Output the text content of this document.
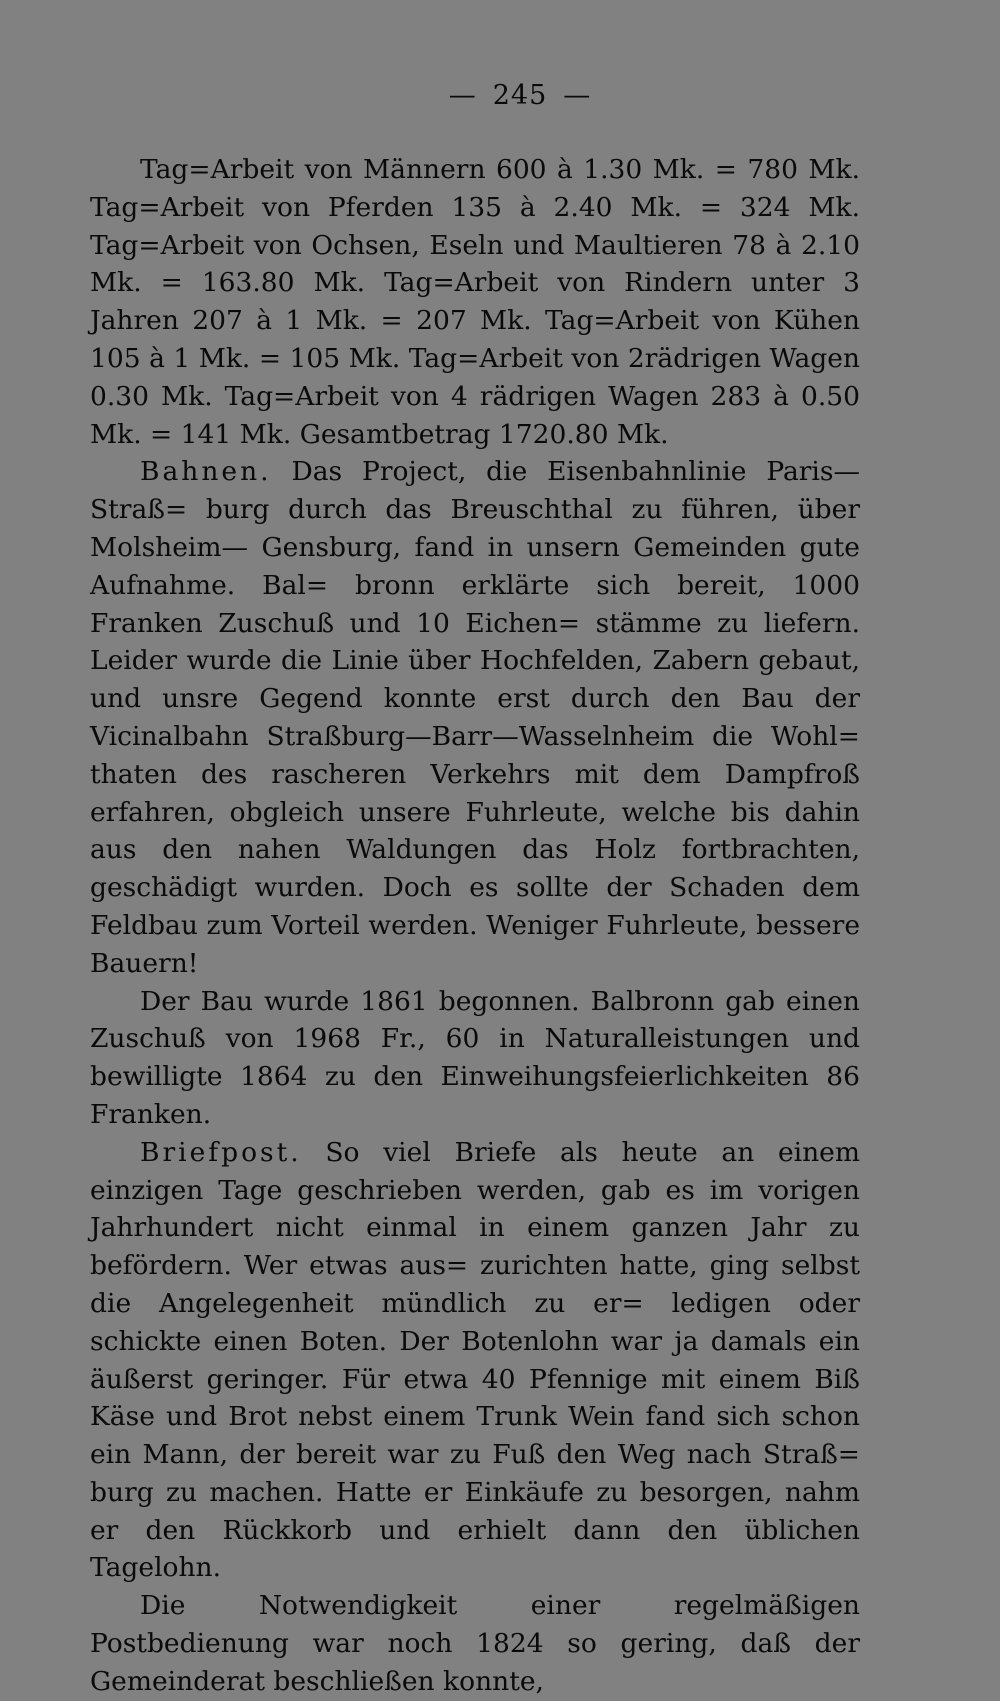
— 245 —

Tag=Arbeit von Männern 600 à 1.30 Mk. = 780 Mk. Tag=Arbeit von Pferden 135 à 2.40 Mk. = 324 Mk. Tag=Arbeit von Ochsen, Eseln und Maultieren 78 à 2.10 Mk. = 163.80 Mk. Tag=Arbeit von Rindern unter 3 Jahren 207 à 1 Mk. = 207 Mk. Tag=Arbeit von Kühen 105 à 1 Mk. = 105 Mk. Tag=Arbeit von 2rädrigen Wagen 0.30 Mk. Tag=Arbeit von 4 rädrigen Wagen 283 à 0.50 Mk. = 141 Mk. Gesamtbetrag 1720.80 Mk.

Bahnen. Das Project, die Eisenbahnlinie Paris—Straß= burg durch das Breuschthal zu führen, über Molsheim— Gensburg, fand in unsern Gemeinden gute Aufnahme. Bal= bronn erklärte sich bereit, 1000 Franken Zuschuß und 10 Eichen= stämme zu liefern. Leider wurde die Linie über Hochfelden, Zabern gebaut, und unsre Gegend konnte erst durch den Bau der Vicinalbahn Straßburg—Barr—Wasselnheim die Wohl= thaten des rascheren Verkehrs mit dem Dampfroß erfahren, obgleich unsere Fuhrleute, welche bis dahin aus den nahen Waldungen das Holz fortbrachten, geschädigt wurden. Doch es sollte der Schaden dem Feldbau zum Vorteil werden. Weniger Fuhrleute, bessere Bauern!

Der Bau wurde 1861 begonnen. Balbronn gab einen Zuschuß von 1968 Fr., 60 in Naturalleistungen und bewilligte 1864 zu den Einweihungsfeierlichkeiten 86 Franken.

Briefpost. So viel Briefe als heute an einem einzigen Tage geschrieben werden, gab es im vorigen Jahrhundert nicht einmal in einem ganzen Jahr zu befördern. Wer etwas aus= zurichten hatte, ging selbst die Angelegenheit mündlich zu er= ledigen oder schickte einen Boten. Der Botenlohn war ja damals ein äußerst geringer. Für etwa 40 Pfennige mit einem Biß Käse und Brot nebst einem Trunk Wein fand sich schon ein Mann, der bereit war zu Fuß den Weg nach Straß= burg zu machen. Hatte er Einkäufe zu besorgen, nahm er den Rückkorb und erhielt dann den üblichen Tagelohn.

Die Notwendigkeit einer regelmäßigen Postbedienung war noch 1824 so gering, daß der Gemeinderat beschließen konnte,
